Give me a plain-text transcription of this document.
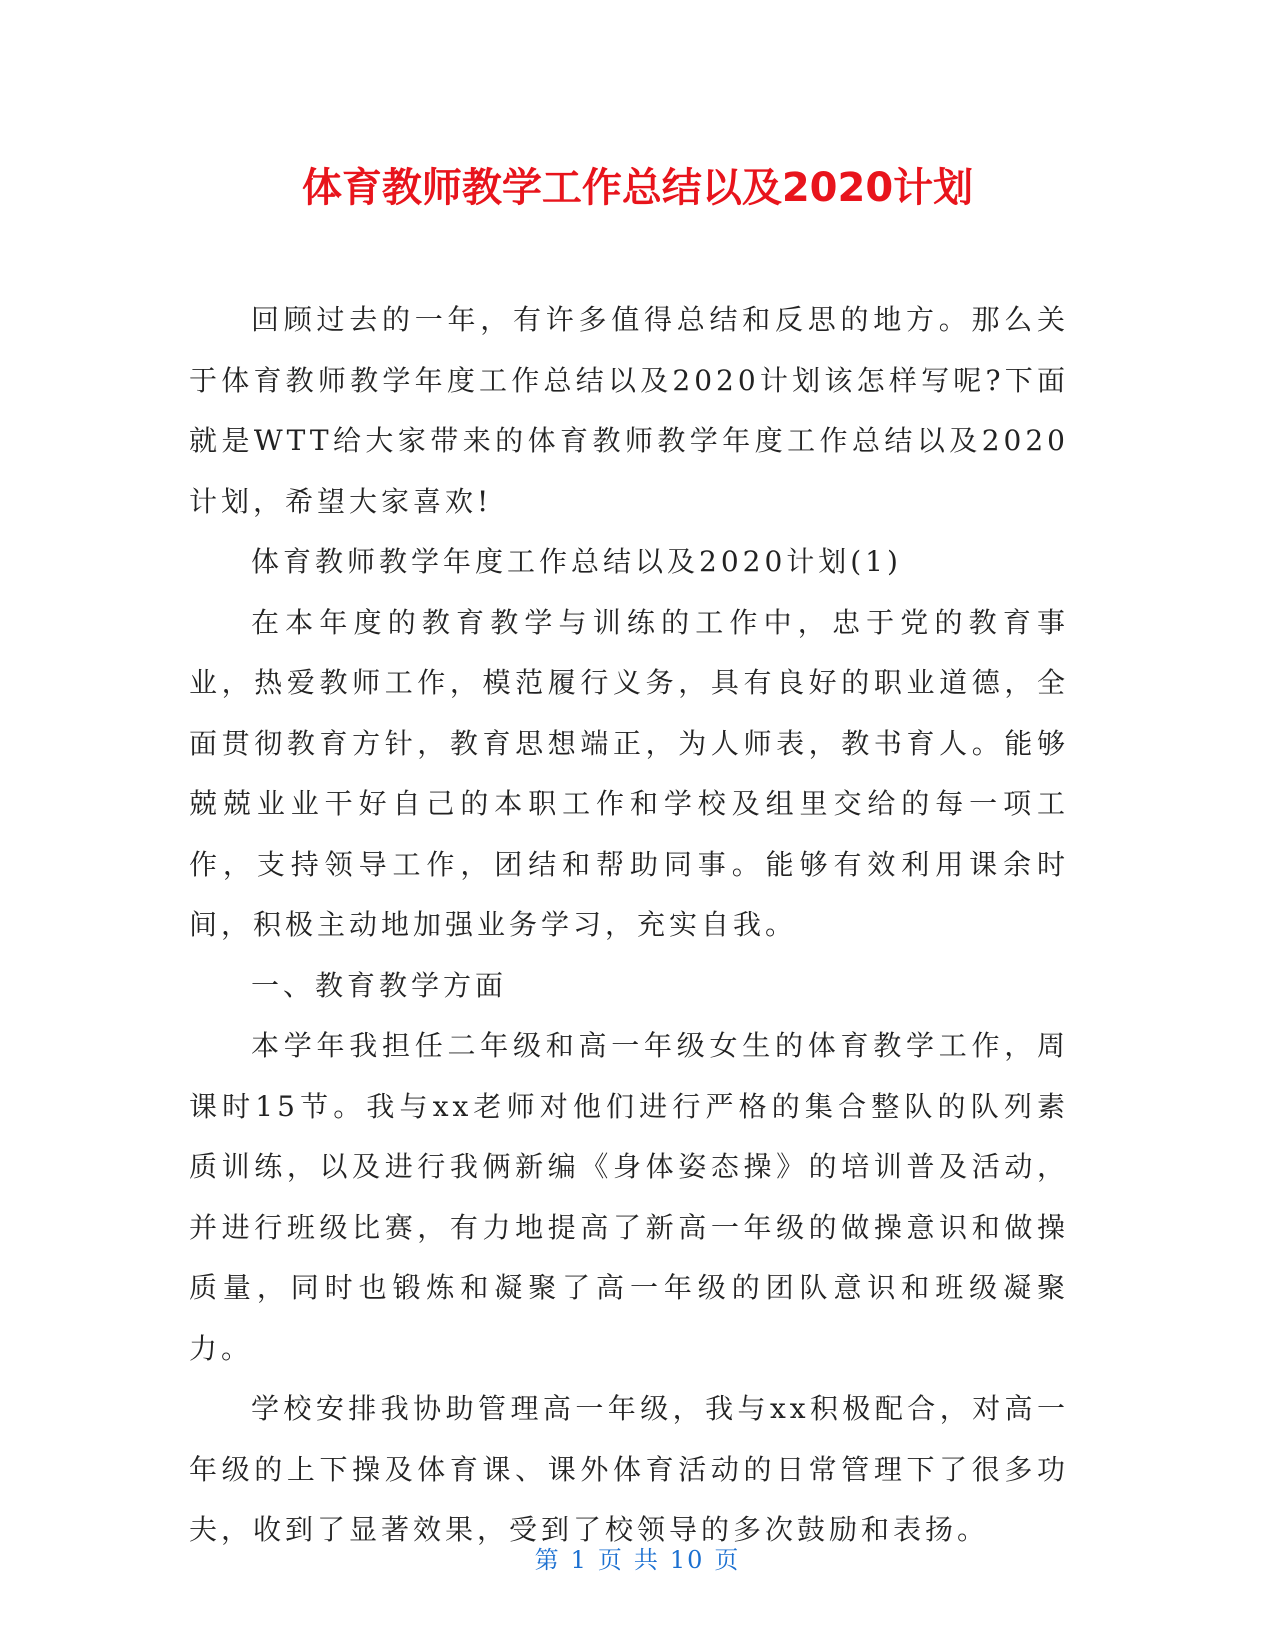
体育教师教学工作总结以及2020计划

回顾过去的一年，有许多值得总结和反思的地方。那么关于体育教师教学年度工作总结以及2020计划该怎样写呢?下面就是WTT给大家带来的体育教师教学年度工作总结以及2020计划，希望大家喜欢!

体育教师教学年度工作总结以及2020计划(1)

在本年度的教育教学与训练的工作中，忠于党的教育事业，热爱教师工作，模范履行义务，具有良好的职业道德，全面贯彻教育方针，教育思想端正，为人师表，教书育人。能够兢兢业业干好自己的本职工作和学校及组里交给的每一项工作，支持领导工作，团结和帮助同事。能够有效利用课余时间，积极主动地加强业务学习，充实自我。

一、教育教学方面

本学年我担任二年级和高一年级女生的体育教学工作，周课时15节。我与xx老师对他们进行严格的集合整队的队列素质训练，以及进行我俩新编《身体姿态操》的培训普及活动，并进行班级比赛，有力地提高了新高一年级的做操意识和做操质量，同时也锻炼和凝聚了高一年级的团队意识和班级凝聚力。

学校安排我协助管理高一年级，我与xx积极配合，对高一年级的上下操及体育课、课外体育活动的日常管理下了很多功夫，收到了显著效果，受到了校领导的多次鼓励和表扬。

第 1 页 共 10 页
